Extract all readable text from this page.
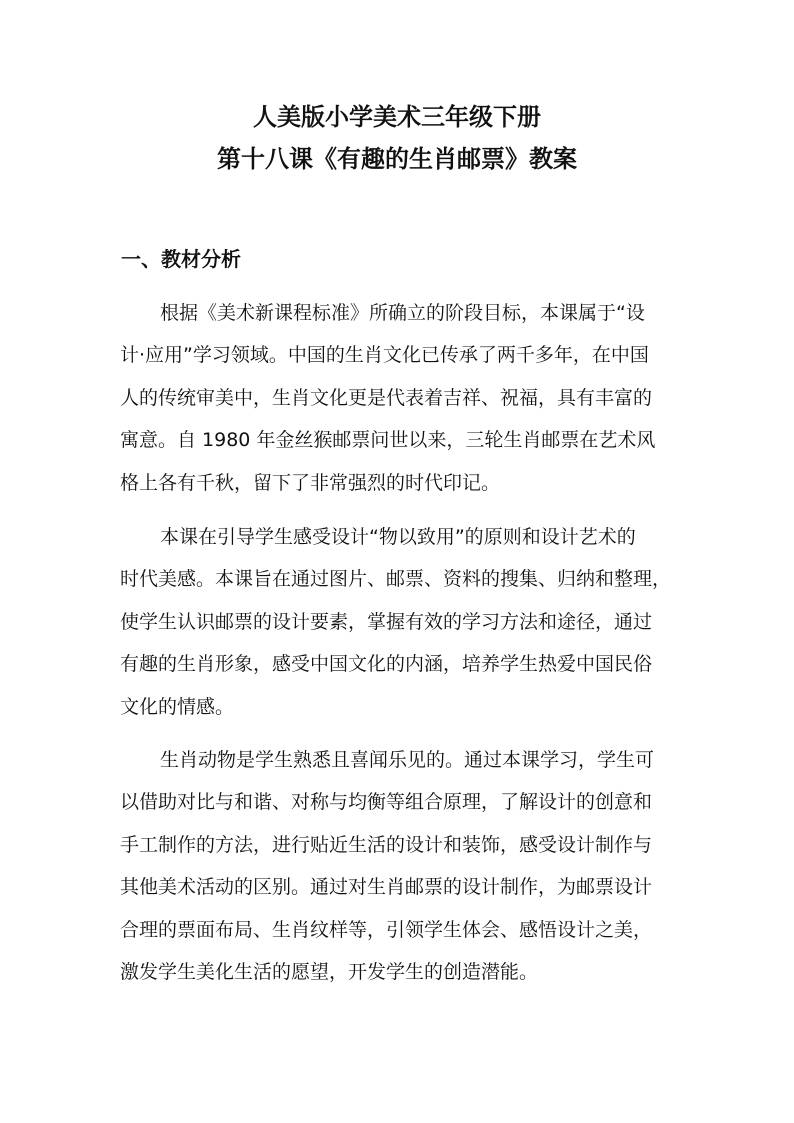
人美版小学美术三年级下册
第十八课《有趣的生肖邮票》教案
一、教材分析
根据《美术新课程标准》所确立的阶段目标，本课属于“设
计·应用”学习领域。中国的生肖文化已传承了两千多年，在中国
人的传统审美中，生肖文化更是代表着吉祥、祝福，具有丰富的
寓意。自 1980 年金丝猴邮票问世以来，三轮生肖邮票在艺术风
格上各有千秋，留下了非常强烈的时代印记。
本课在引导学生感受设计“物以致用”的原则和设计艺术的
时代美感。本课旨在通过图片、邮票、资料的搜集、归纳和整理，
使学生认识邮票的设计要素，掌握有效的学习方法和途径，通过
有趣的生肖形象，感受中国文化的内涵，培养学生热爱中国民俗
文化的情感。
生肖动物是学生熟悉且喜闻乐见的。通过本课学习，学生可
以借助对比与和谐、对称与均衡等组合原理，了解设计的创意和
手工制作的方法，进行贴近生活的设计和装饰，感受设计制作与
其他美术活动的区别。通过对生肖邮票的设计制作，为邮票设计
合理的票面布局、生肖纹样等，引领学生体会、感悟设计之美，
激发学生美化生活的愿望，开发学生的创造潜能。
